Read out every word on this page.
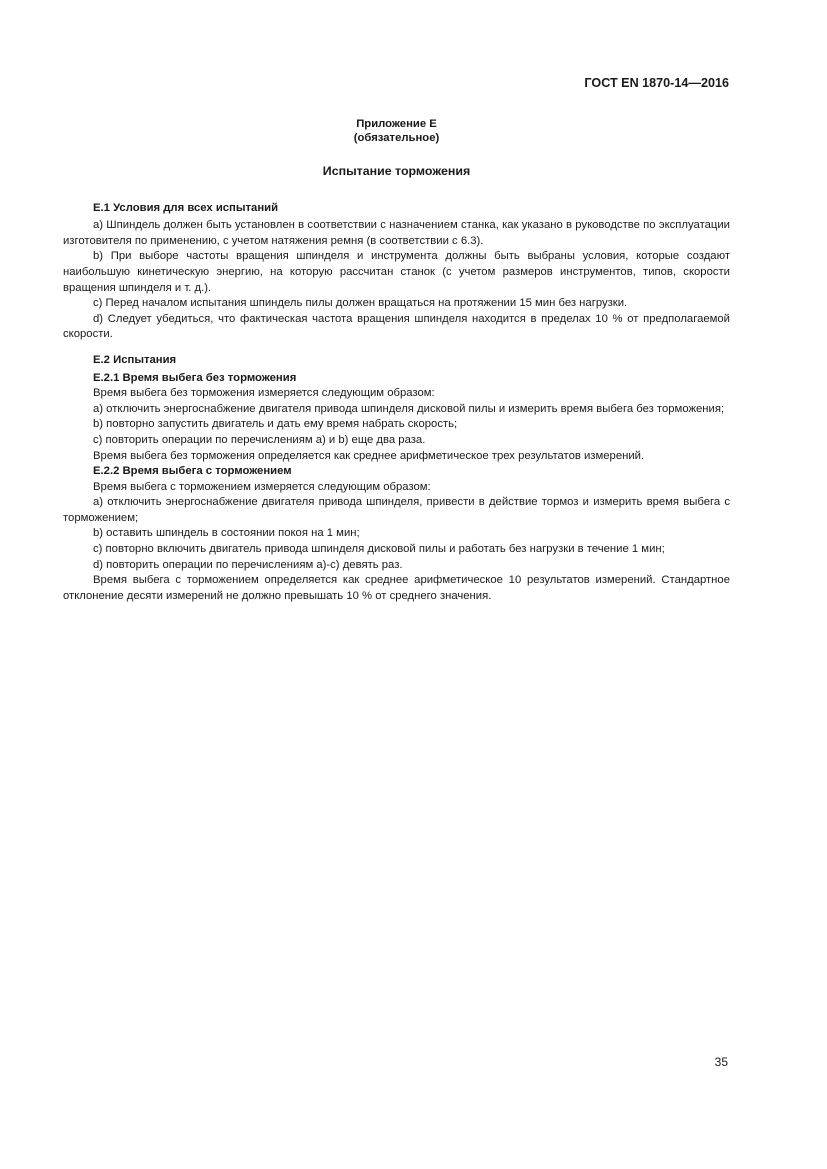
ГОСТ EN 1870-14—2016
Приложение Е
(обязательное)
Испытание торможения
Е.1 Условия для всех испытаний
а) Шпиндель должен быть установлен в соответствии с назначением станка, как указано в руководстве по эксплуатации изготовителя по применению, с учетом натяжения ремня (в соответствии с 6.3).
b) При выборе частоты вращения шпинделя и инструмента должны быть выбраны условия, которые создают наибольшую кинетическую энергию, на которую рассчитан станок (с учетом размеров инструментов, типов, скорости вращения шпинделя и т. д.).
c) Перед началом испытания шпиндель пилы должен вращаться на протяжении 15 мин без нагрузки.
d) Следует убедиться, что фактическая частота вращения шпинделя находится в пределах 10 % от предполагаемой скорости.
Е.2 Испытания
Е.2.1 Время выбега без торможения
Время выбега без торможения измеряется следующим образом:
а) отключить энергоснабжение двигателя привода шпинделя дисковой пилы и измерить время выбега без торможения;
b) повторно запустить двигатель и дать ему время набрать скорость;
c) повторить операции по перечислениям а) и b) еще два раза.
Время выбега без торможения определяется как среднее арифметическое трех результатов измерений.
Е.2.2 Время выбега с торможением
Время выбега с торможением измеряется следующим образом:
а) отключить энергоснабжение двигателя привода шпинделя, привести в действие тормоз и измерить время выбега с торможением;
b) оставить шпиндель в состоянии покоя на 1 мин;
c) повторно включить двигатель привода шпинделя дисковой пилы и работать без нагрузки в течение 1 мин;
d) повторить операции по перечислениям а)-с) девять раз.
Время выбега с торможением определяется как среднее арифметическое 10 результатов измерений. Стандартное отклонение десяти измерений не должно превышать 10 % от среднего значения.
35
